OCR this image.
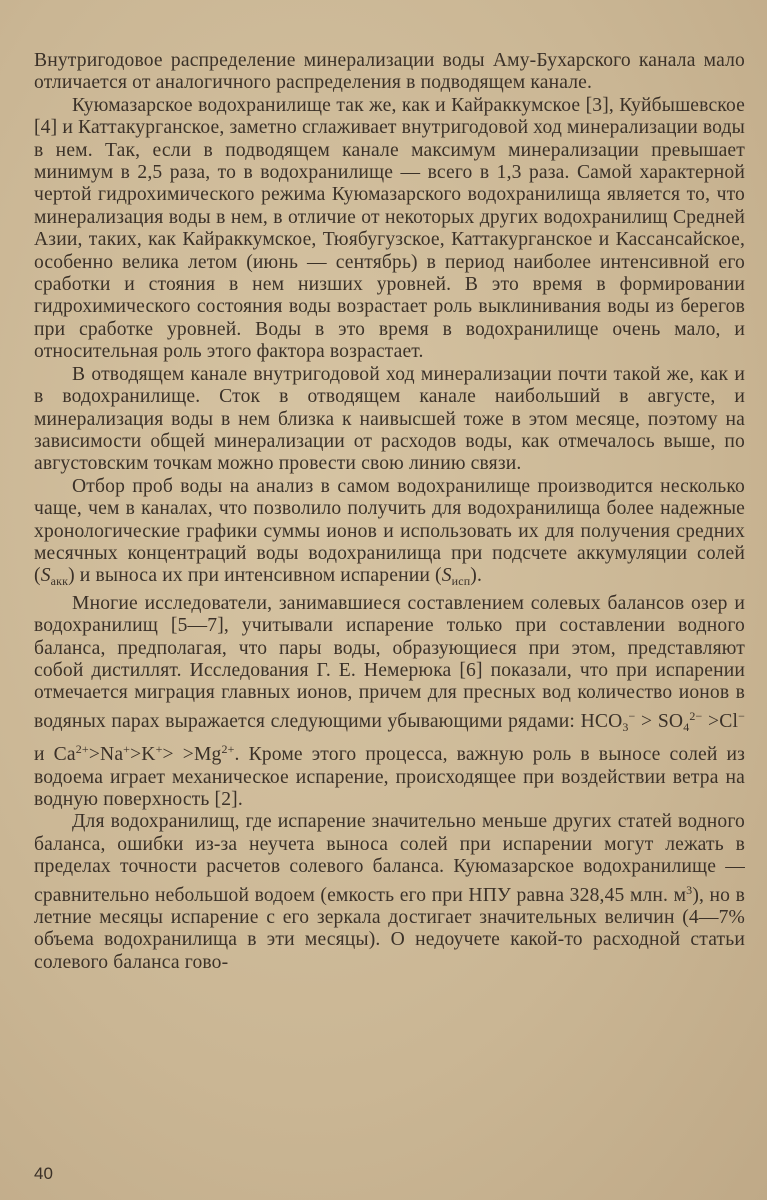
Внутригодовое распределение минерализации воды Аму-Бухарского канала мало отличается от аналогичного распределения в подводящем канале.

Куюмазарское водохранилище так же, как и Кайраккумское [3], Куйбышевское [4] и Каттакурганское, заметно сглаживает внутригодовой ход минерализации воды в нем. Так, если в подводящем канале максимум минерализации превышает минимум в 2,5 раза, то в водохранилище — всего в 1,3 раза. Самой характерной чертой гидрохимического режима Куюмазарского водохранилища является то, что минерализация воды в нем, в отличие от некоторых других водохранилищ Средней Азии, таких, как Кайраккумское, Тюябугузское, Каттакурганское и Кассансайское, особенно велика летом (июнь — сентябрь) в период наиболее интенсивной его сработки и стояния в нем низших уровней. В это время в формировании гидрохимического состояния воды возрастает роль выклинивания воды из берегов при сработке уровней. Воды в это время в водохранилище очень мало, и относительная роль этого фактора возрастает.

В отводящем канале внутригодовой ход минерализации почти такой же, как и в водохранилище. Сток в отводящем канале наибольший в августе, и минерализация воды в нем близка к наивысшей тоже в этом месяце, поэтому на зависимости общей минерализации от расходов воды, как отмечалось выше, по августовским точкам можно провести свою линию связи.

Отбор проб воды на анализ в самом водохранилище производится несколько чаще, чем в каналах, что позволило получить для водохранилища более надежные хронологические графики суммы ионов и использовать их для получения средних месячных концентраций воды водохранилища при подсчете аккумуляции солей $(S_{акк})$ и выноса их при интенсивном испарении $(S_{исп})$.

Многие исследователи, занимавшиеся составлением солевых балансов озер и водохранилищ [5—7], учитывали испарение только при составлении водного баланса, предполагая, что пары воды, образующиеся при этом, представляют собой дистиллят. Исследования Г. Е. Немерюка [6] показали, что при испарении отмечается миграция главных ионов, причем для пресных вод количество ионов в водяных парах выражается следующими убывающими рядами: $HCO_3^- > SO_4^{2-} >Cl^-$ и $Ca^{2+}>Na^+>K^+> >Mg^{2+}$. Кроме этого процесса, важную роль в выносе солей из водоема играет механическое испарение, происходящее при воздействии ветра на водную поверхность [2].

Для водохранилищ, где испарение значительно меньше других статей водного баланса, ошибки из-за неучета выноса солей при испарении могут лежать в пределах точности расчетов солевого баланса. Куюмазарское водохранилище — сравнительно небольшой водоем (емкость его при НПУ равна 328,45 млн. $м^3$), но в летние месяцы испарение с его зеркала достигает значительных величин (4—7% объема водохранилища в эти месяцы). О недоучете какой-то расходной статьи солевого баланса гово-

40
